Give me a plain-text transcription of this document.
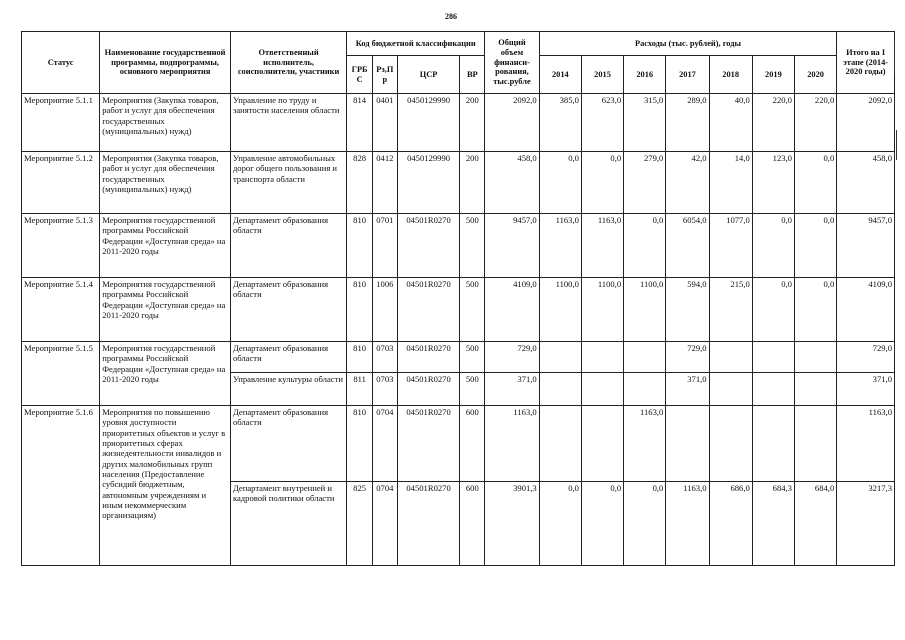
286
Статус	Наименование государственной программы, подпрограммы, основного мероприятия	Ответственный исполнитель, соисполнители, участники	Код бюджетной классификации				Общий объем финанси-рования, тыс.рубле	Расходы (тыс. рублей), годы							Итого на I этапе (2014-2020 годы)
			ГРБ С	Рз,П р	ЦСР	ВР		2014	2015	2016	2017	2018	2019	2020	
Мероприятие 5.1.1	Мероприятия (Закупка товаров, работ и услуг для обеспечения государственных (муниципальных) нужд)	Управление по труду и занятости населения области	814	0401	0450129990	200	2092,0	385,0	623,0	315,0	289,0	40,0	220,0	220,0	2092,0
Мероприятие 5.1.2	Мероприятия (Закупка товаров, работ и услуг для обеспечения государственных (муниципальных) нужд)	Управление автомобильных дорог общего пользования и транспорта области	828	0412	0450129990	200	458,0	0,0	0,0	279,0	42,0	14,0	123,0	0,0	458,0
Мероприятие 5.1.3	Мероприятия государственной программы Российской Федерации «Доступная среда» на 2011-2020 годы	Департамент образования области	810	0701	04501R0270	500	9457,0	1163,0	1163,0	0,0	6054,0	1077,0	0,0	0,0	9457,0
Мероприятие 5.1.4	Мероприятия государственной программы Российской Федерации «Доступная среда» на 2011-2020 годы	Департамент образования области	810	1006	04501R0270	500	4109,0	1100,0	1100,0	1100,0	594,0	215,0	0,0	0,0	4109,0
Мероприятие 5.1.5	Мероприятия государственной программы Российской Федерации «Доступная среда» на 2011-2020 годы	Департамент образования области	810	0703	04501R0270	500	729,0				729,0				729,0
		Управление культуры области	811	0703	04501R0270	500	371,0				371,0				371,0
Мероприятие 5.1.6	Мероприятия по повышению уровня доступности приоритетных объектов и услуг в приоритетных сферах жизнедеятельности инвалидов и других маломобильных групп населения (Предоставление субсидий бюджетным, автономным учреждениям и иным некоммерческим организациям)	Департамент образования области	810	0704	04501R0270	600	1163,0			1163,0					1163,0
		Департамент внутренней и кадровой политики области	825	0704	04501R0270	600	3901,3	0,0	0,0	0,0	1163,0	686,0	684,3	684,0	3217,3
